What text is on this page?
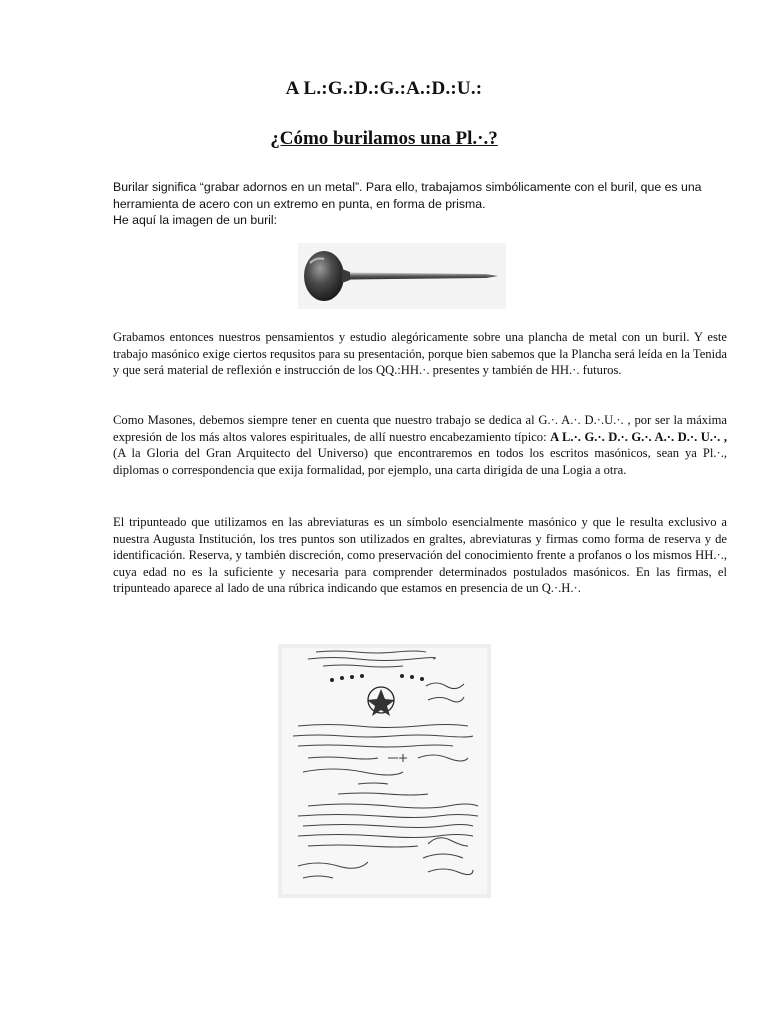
A L.:G.:D.:G.:A.:D.:U.:
¿Cómo burilamos una Pl.·.?
Burilar significa “grabar adornos en un metal”. Para ello, trabajamos simbólicamente con el buril, que es una herramienta de acero con un extremo en punta, en forma de prisma.
He aquí la imagen de un buril:
Grabamos entonces nuestros pensamientos y estudio alegóricamente sobre una plancha de metal con un buril. Y este trabajo masónico exige ciertos requsitos para su presentación, porque bien sabemos que la Plancha será leída en la Tenida y que será material de reflexión e instrucción de los QQ.:HH.·. presentes y también de HH.·. futuros.
Como Masones, debemos siempre tener en cuenta que nuestro trabajo se dedica al G.·. A.·. D.·.U.·. , por ser la máxima expresión de los más altos valores espirituales, de allí nuestro encabezamiento típico: A L.·. G.·. D.·. G.·. A.·. D.·. U.·. , (A la Gloria del Gran Arquitecto del Universo) que encontraremos en todos los escritos masónicos, sean ya Pl.·., diplomas o correspondencia que exija formalidad, por ejemplo, una carta dirigida de una Logia a otra.
El tripunteado que utilizamos en las abreviaturas es un símbolo esencialmente masónico y que le resulta exclusivo a nuestra Augusta Institución, los tres puntos son utilizados en graltes, abreviaturas y firmas como forma de reserva y de identificación. Reserva, y también discreción, como preservación del conocimiento frente a profanos o los mismos HH.·., cuya edad no es la suficiente y necesaria para comprender determinados postulados masónicos. En las firmas, el tripunteado aparece al lado de una rúbrica indicando que estamos en presencia de un Q.·.H.·.
